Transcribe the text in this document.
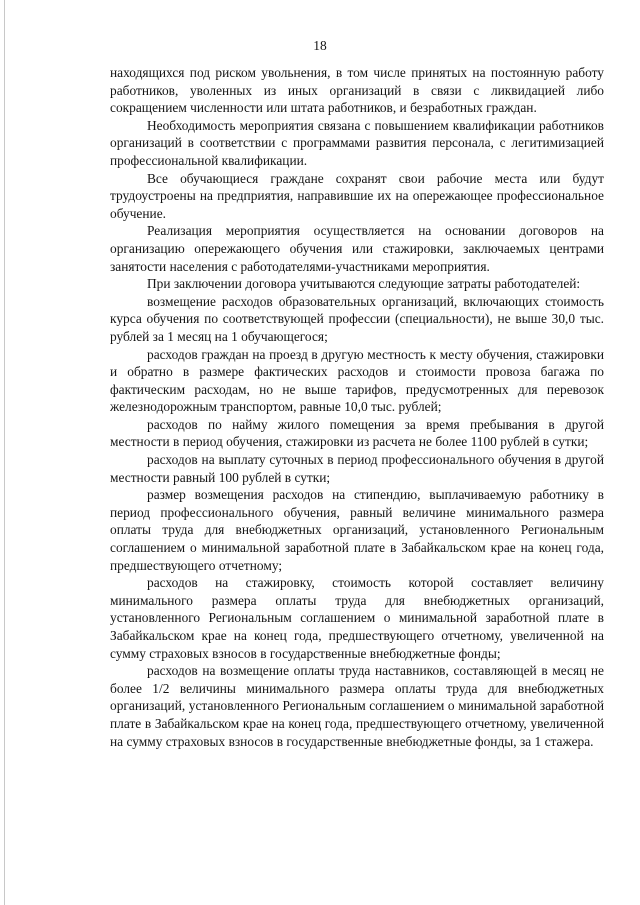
18

находящихся под риском увольнения, в том числе принятых на постоянную работу работников, уволенных из иных организаций в связи с ликвидацией либо сокращением численности или штата работников, и безработных граждан.

Необходимость мероприятия связана с повышением квалификации работников организаций в соответствии с программами развития персонала, с легитимизацией профессиональной квалификации.

Все обучающиеся граждане сохранят свои рабочие места или будут трудоустроены на предприятия, направившие их на опережающее профессиональное обучение.

Реализация мероприятия осуществляется на основании договоров на организацию опережающего обучения или стажировки, заключаемых центрами занятости населения с работодателями-участниками мероприятия.

При заключении договора учитываются следующие затраты работодателей:

возмещение расходов образовательных организаций, включающих стоимость курса обучения по соответствующей профессии (специальности), не выше 30,0 тыс. рублей за 1 месяц на 1 обучающегося;

расходов граждан на проезд в другую местность к месту обучения, стажировки и обратно в размере фактических расходов и стоимости провоза багажа по фактическим расходам, но не выше тарифов, предусмотренных для перевозок железнодорожным транспортом, равные 10,0 тыс. рублей;

расходов по найму жилого помещения за время пребывания в другой местности в период обучения, стажировки из расчета не более 1100 рублей в сутки;

расходов на выплату суточных в период профессионального обучения в другой местности равный 100 рублей в сутки;

размер возмещения расходов на стипендию, выплачиваемую работнику в период профессионального обучения, равный величине минимального размера оплаты труда для внебюджетных организаций, установленного Региональным соглашением о минимальной заработной плате в Забайкальском крае на конец года, предшествующего отчетному;

расходов на стажировку, стоимость которой составляет величину минимального размера оплаты труда для внебюджетных организаций, установленного Региональным соглашением о минимальной заработной плате в Забайкальском крае на конец года, предшествующего отчетному, увеличенной на сумму страховых взносов в государственные внебюджетные фонды;

расходов на возмещение оплаты труда наставников, составляющей в месяц не более 1/2 величины минимального размера оплаты труда для внебюджетных организаций, установленного Региональным соглашением о минимальной заработной плате в Забайкальском крае на конец года, предшествующего отчетному, увеличенной на сумму страховых взносов в государственные внебюджетные фонды, за 1 стажера.
